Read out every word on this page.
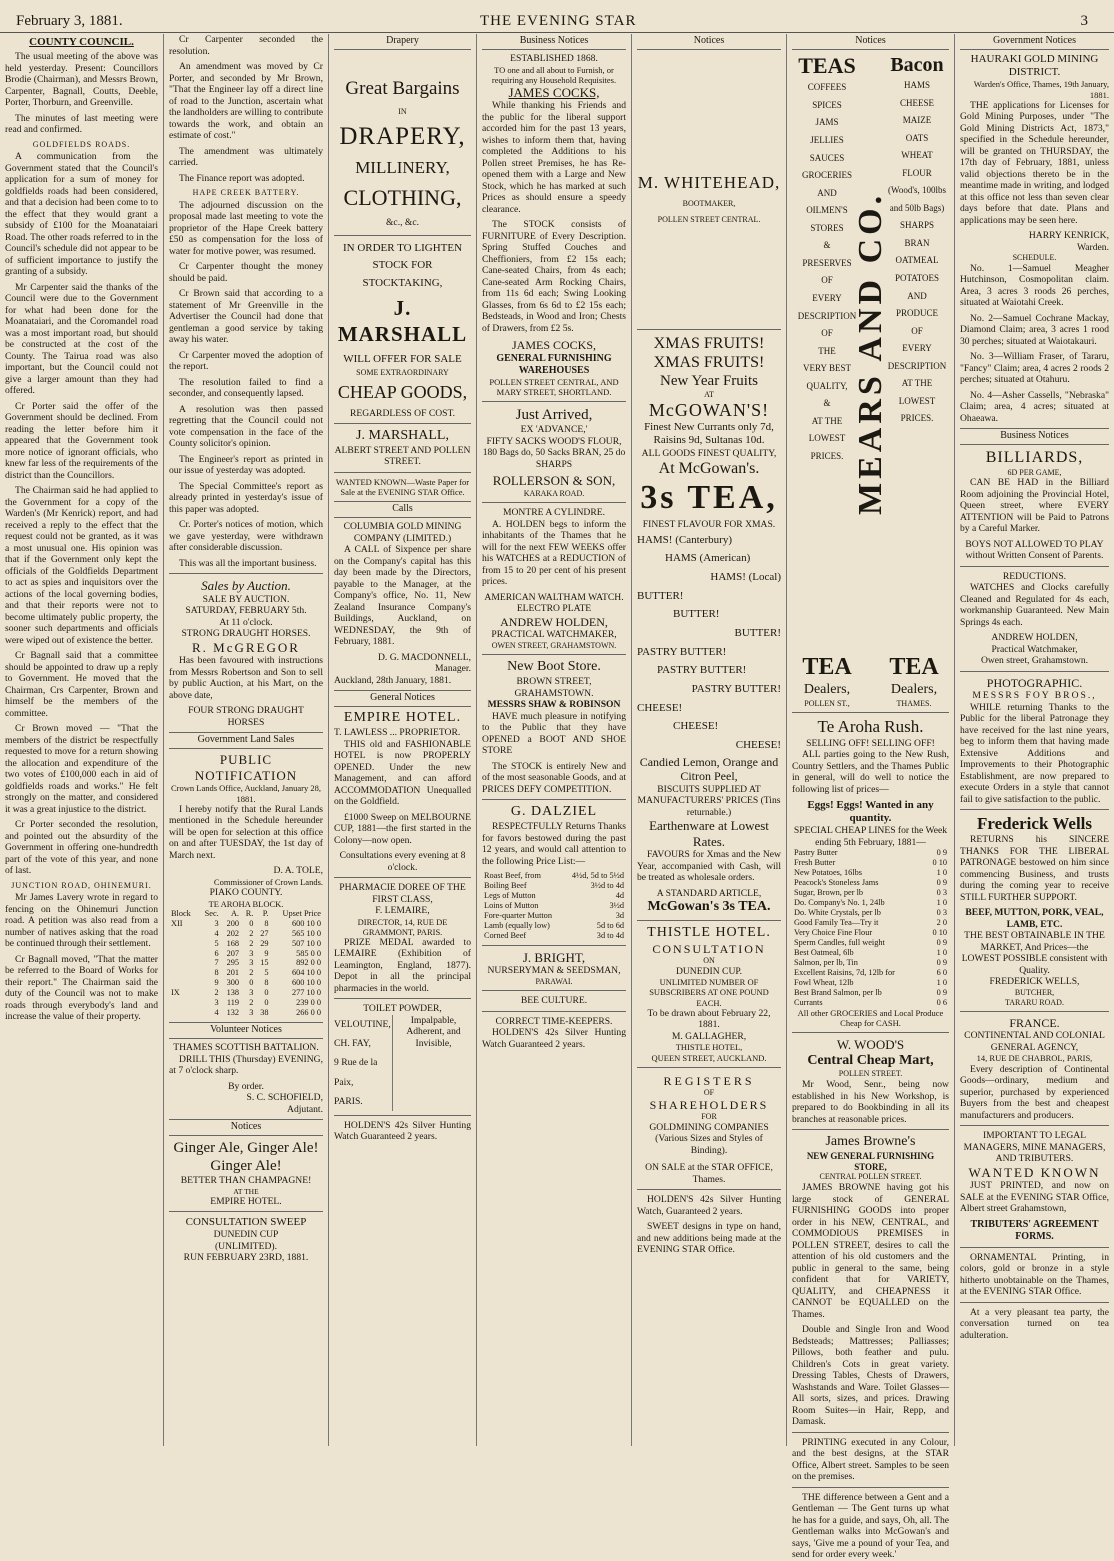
February 3, 1881.	THE EVENING STAR	3
COUNTY COUNCIL.

The usual meeting of the above was held yesterday. Present: Councillors Brodie (Chairman), and Messrs Brown, Carpenter, Bagnall, Coutts, Deeble, Porter, Thorburn, and Greenville.

The minutes of last meeting were read and confirmed.

GOLDFIELDS ROADS.

A communication from the Government stated that the Council's application for a sum of money for goldfields roads had been considered, and that a decision had been come to to the effect that they would grant a subsidy of £100 for the Moanataiari Road. The other roads referred to in the Council's schedule did not appear to be of sufficient importance to justify the granting of a subsidy.

Mr Carpenter said the thanks of the Council were due to the Government for what had been done for the Moanataiari, and the Coromandel road was a most important road, but should be constructed at the cost of the County. The Tairua road was also important, but the Council could not give a larger amount than they had offered.

Cr Porter said the offer of the Government should be declined. From reading the letter before him it appeared that the Government took more notice of ignorant officials, who knew far less of the requirements of the district than the Councillors.

The Chairman said he had applied to the Government for a copy of the Warden's (Mr Kenrick) report, and had received a reply to the effect that the request could not be granted, as it was a most unusual one. His opinion was that if the Government only kept the officials of the Goldfields Department to act as spies and inquisitors over the actions of the local governing bodies, and that their reports were not to become ultimately public property, the sooner such departments and officials were wiped out of existence the better.

Cr Bagnall said that a committee should be appointed to draw up a reply to Government. He moved that the Chairman, Crs Carpenter, Brown and himself be the members of the committee.

Cr Brown moved — "That the members of the district be respectfully requested to move for a return showing the allocation and expenditure of the two votes of £100,000 each in aid of goldfields roads and works." He felt strongly on the matter, and considered it was a great injustice to the district.

Cr Porter seconded the resolution, and pointed out the absurdity of the Government in offering one-hundredth part of the vote of this year, and none of last.

JUNCTION ROAD, OHINEMURI.

Mr James Lavery wrote in regard to fencing on the Ohinemuri Junction road. A petition was also read from a number of natives asking that the road be continued through their settlement.

Cr Bagnall moved, "That the matter be referred to the Board of Works for their report." The Chairman said the duty of the Council was not to make roads through everybody's land and increase the value of their property.

Cr Carpenter seconded the resolution.

An amendment was moved by Cr Porter, and seconded by Mr Brown, "That the Engineer lay off a direct line of road to the Junction, ascertain what the landholders are willing to contribute towards the work, and obtain an estimate of cost."

The amendment was ultimately carried.

The Finance report was adopted.

HAPE CREEK BATTERY.

The adjourned discussion on the proposal made last meeting to vote the proprietor of the Hape Creek battery £50 as compensation for the loss of water for motive power, was resumed.

Cr Carpenter thought the money should be paid.

Cr Brown said that according to a statement of Mr Greenville in the Advertiser the Council had done that gentleman a good service by taking away his water.

Cr Carpenter moved the adoption of the report.

The resolution failed to find a seconder, and consequently lapsed.

A resolution was then passed regretting that the Council could not vote compensation in the face of the County solicitor's opinion.

The Engineer's report as printed in our issue of yesterday was adopted.

The Special Committee's report as already printed in yesterday's issue of this paper was adopted.

Cr. Porter's notices of motion, which we gave yesterday, were withdrawn after considerable discussion.

This was all the important business.

Sales by Auction.
SALE BY AUCTION.
SATURDAY, FEBRUARY 5th.
At 11 o'clock.
STRONG DRAUGHT HORSES.
R. McGREGOR

Has been favoured with instructions from Messrs Robertson and Son to sell by public Auction, at his Mart, on the above date,

FOUR STRONG DRAUGHT HORSES
Government Land Sales
PUBLIC NOTIFICATION
Crown Lands Office, Auckland, January 28, 1881.

I hereby notify that the Rural Lands mentioned in the Schedule hereunder will be open for selection at this office on and after TUESDAY, the 1st day of March next.

D. A. TOLE,
Commissioner of Crown Lands.
PIAKO COUNTY.
TE AROHA BLOCK.
Block	Sec.	A.	R.	P.	Upset Price
XII	3	200	0	8	600 10 0
	4	202	2	27	565 10 0
	5	168	2	29	507 10 0
	6	207	3	9	585 0 0
	7	295	3	15	892 0 0
	8	201	2	5	604 10 0
	9	300	0	8	600 10 0
IX	2	138	3	0	277 10 0
	3	119	2	0	239 0 0
	4	132	3	38	266 0 0
Volunteer Notices
THAMES SCOTTISH BATTALION.

DRILL THIS (Thursday) EVENING, at 7 o'clock sharp.

By order.
S. C. SCHOFIELD,
Adjutant.
Notices
Ginger Ale, Ginger Ale! Ginger Ale!
BETTER THAN CHAMPAGNE!
AT THE
EMPIRE HOTEL.
CONSULTATION SWEEP
DUNEDIN CUP
(UNLIMITED).
RUN FEBRUARY 23RD, 1881.
Drapery
Great Bargains
IN
DRAPERY,
MILLINERY,
CLOTHING,
&c., &c.
IN ORDER TO LIGHTEN STOCK FOR STOCKTAKING,
J. MARSHALL
WILL OFFER FOR SALE
SOME EXTRAORDINARY
CHEAP GOODS,
REGARDLESS OF COST.
J. MARSHALL,
ALBERT STREET AND POLLEN STREET.
WANTED KNOWN—Waste Paper for Sale at the EVENING STAR Office.
Calls
COLUMBIA GOLD MINING COMPANY (LIMITED.)

A CALL of Sixpence per share on the Company's capital has this day been made by the Directors, payable to the Manager, at the Company's office, No. 11, New Zealand Insurance Company's Buildings, Auckland, on WEDNESDAY, the 9th of February, 1881.

D. G. MACDONNELL,
Manager.
Auckland, 28th January, 1881.
General Notices
EMPIRE HOTEL.
T. LAWLESS ... PROPRIETOR.

THIS old and FASHIONABLE HOTEL is now PROPERLY OPENED. Under the new Management, and can afford ACCOMMODATION Unequalled on the Goldfield.

£1000 Sweep on MELBOURNE CUP, 1881—the first started in the Colony—now open.

Consultations every evening at 8 o'clock.
PHARMACIE DOREE OF THE FIRST CLASS,
F. LEMAIRE,
DIRECTOR, 14, RUE DE GRAMMONT, PARIS.

PRIZE MEDAL awarded to LEMAIRE (Exhibition of Leamington, England, 1877). Depot in all the principal pharmacies in the world.

TOILET POWDER,
VELOUTINE,
CH. FAY,
9 Rue de la
Paix,
PARIS.
Impalpable, Adherent, and Invisible,

HOLDEN'S 42s Silver Hunting Watch Guaranteed 2 years.

Business Notices
ESTABLISHED 1868.
TO one and all about to Furnish, or requiring any Household Requisites.
JAMES COCKS,

While thanking his Friends and the public for the liberal support accorded him for the past 13 years, wishes to inform them that, having completed the Additions to his Pollen street Premises, he has Re-opened them with a Large and New Stock, which he has marked at such Prices as should ensure a speedy clearance.

The STOCK consists of FURNITURE of Every Description. Spring Stuffed Couches and Cheffioniers, from £2 15s each; Cane-seated Chairs, from 4s each; Cane-seated Arm Rocking Chairs, from 11s 6d each; Swing Looking Glasses, from 6s 6d to £2 15s each; Bedsteads, in Wood and Iron; Chests of Drawers, from £2 5s.

JAMES COCKS,
GENERAL FURNISHING WAREHOUSES
POLLEN STREET CENTRAL, AND MARY STREET, SHORTLAND.
Just Arrived,
EX 'ADVANCE,'
FIFTY SACKS WOOD'S FLOUR, 180 Bags do, 50 Sacks BRAN, 25 do SHARPS
ROLLERSON & SON,
KARAKA ROAD.
MONTRE A CYLINDRE.

A. HOLDEN begs to inform the inhabitants of the Thames that he will for the next FEW WEEKS offer his WATCHES at a REDUCTION of from 15 to 20 per cent of his present prices.

AMERICAN WALTHAM WATCH.
ELECTRO PLATE
ANDREW HOLDEN,
PRACTICAL WATCHMAKER,
OWEN STREET, GRAHAMSTOWN.
New Boot Store.
BROWN STREET, GRAHAMSTOWN.
MESSRS SHAW & ROBINSON

HAVE much pleasure in notifying to the Public that they have OPENED a BOOT AND SHOE STORE

The STOCK is entirely New and of the most seasonable Goods, and at PRICES DEFY COMPETITION.

G. DALZIEL

RESPECTFULLY Returns Thanks for favors bestowed during the past 12 years, and would call attention to the following Price List:—

Roast Beef, from	4½d, 5d to 5½d
Boiling Beef	3½d to 4d
Legs of Mutton	4d
Loins of Mutton	3½d
Fore-quarter Mutton	3d
Lamb (equally low)	5d to 6d
Corned Beef	3d to 4d
J. BRIGHT,
NURSERYMAN & SEEDSMAN,
PARAWAI.
BEE CULTURE.
CORRECT TIME-KEEPERS.

HOLDEN'S 42s Silver Hunting Watch Guaranteed 2 years.

Notices
M. WHITEHEAD,
BOOTMAKER,
POLLEN STREET CENTRAL.
XMAS FRUITS!
XMAS FRUITS!
New Year Fruits
AT
McGOWAN'S!
Finest New Currants only 7d, Raisins 9d, Sultanas 10d.
ALL GOODS FINEST QUALITY,
At McGowan's.
3s TEA,
FINEST FLAVOUR FOR XMAS.
HAMS! (Canterbury)
HAMS (American)
HAMS! (Local)
BUTTER!
BUTTER!
BUTTER!
PASTRY BUTTER!
PASTRY BUTTER!
PASTRY BUTTER!
CHEESE!
CHEESE!
CHEESE!
Candied Lemon, Orange and Citron Peel,
BISCUITS SUPPLIED AT MANUFACTURERS' PRICES (Tins returnable.)
Earthenware at Lowest Rates.

FAVOURS for Xmas and the New Year, accompanied with Cash, will be treated as wholesale orders.

A STANDARD ARTICLE,
McGowan's 3s TEA.
THISTLE HOTEL.
CONSULTATION
ON
DUNEDIN CUP.
UNLIMITED NUMBER OF SUBSCRIBERS AT ONE POUND EACH.
To be drawn about February 22, 1881.
M. GALLAGHER,
THISTLE HOTEL,
QUEEN STREET, AUCKLAND.
REGISTERS
OF
SHAREHOLDERS
FOR
GOLDMINING COMPANIES
(Various Sizes and Styles of Binding).
ON SALE at the STAR OFFICE, Thames.

HOLDEN'S 42s Silver Hunting Watch, Guaranteed 2 years.

SWEET designs in type on hand, and new additions being made at the EVENING STAR Office.

Notices
TEAS
COFFEES
SPICES
JAMS
JELLIES
SAUCES
GROCERIES
AND
OILMEN'S
STORES
&
PRESERVES
OF
EVERY
DESCRIPTION
OF
THE
VERY BEST
QUALITY,
&
AT THE
LOWEST
PRICES. MEARS AND CO.
Bacon
HAMS
CHEESE
MAIZE
OATS
WHEAT
FLOUR
(Wood's, 100lbs
and 50lb Bags)
SHARPS
BRAN
OATMEAL
POTATOES
AND
PRODUCE
OF
EVERY
DESCRIPTION
AT THE
LOWEST
PRICES.
TEA
Dealers,
POLLEN ST.,
TEA
Dealers,
THAMES.
Te Aroha Rush.
SELLING OFF! SELLING OFF!

ALL parties going to the New Rush, Country Settlers, and the Thames Public in general, will do well to notice the following list of prices—

Eggs! Eggs! Wanted in any quantity.
SPECIAL CHEAP LINES for the Week ending 5th February, 1881—
Pastry Butter	0 9
Fresh Butter	0 10
New Potatoes, 16lbs	1 0
Peacock's Stoneless Jams	0 9
Sugar, Brown, per lb	0 3
Do. Company's No. 1, 24lb	1 0
Do. White Crystals, per lb	0 3
Good Family Tea—Try it	2 0
Very Choice Fine Flour	0 10
Sperm Candles, full weight	0 9
Best Oatmeal, 6lb	1 0
Salmon, per lb, Tin	0 9
Excellent Raisins, 7d, 12lb for	6 0
Fowl Wheat, 12lb	1 0
Best Brand Salmon, per lb	0 9
Currants	0 6
All other GROCERIES and Local Produce Cheap for CASH.
W. WOOD'S
Central Cheap Mart,
POLLEN STREET.

Mr Wood, Senr., being now established in his New Workshop, is prepared to do Bookbinding in all its branches at reasonable prices.

James Browne's
NEW GENERAL FURNISHING STORE,
CENTRAL POLLEN STREET.

JAMES BROWNE having got his large stock of GENERAL FURNISHING GOODS into proper order in his NEW, CENTRAL, and COMMODIOUS PREMISES in POLLEN STREET, desires to call the attention of his old customers and the public in general to the same, being confident that for VARIETY, QUALITY, and CHEAPNESS it CANNOT be EQUALLED on the Thames.

Double and Single Iron and Wood Bedsteads; Mattresses; Palliasses; Pillows, both feather and pulu. Children's Cots in great variety. Dressing Tables, Chests of Drawers, Washstands and Ware. Toilet Glasses—All sorts, sizes, and prices. Drawing Room Suites—in Hair, Repp, and Damask.

PRINTING executed in any Colour, and the best designs, at the STAR Office, Albert street. Samples to be seen on the premises.

THE difference between a Gent and a Gentleman — The Gent turns up what he has for a guide, and says, Oh, all. The Gentleman walks into McGowan's and says, 'Give me a pound of your Tea, and send for order every week.'

Government Notices
HAURAKI GOLD MINING DISTRICT.
Warden's Office, Thames, 19th January, 1881.

THE applications for Licenses for Gold Mining Purposes, under "The Gold Mining Districts Act, 1873," specified in the Schedule hereunder, will be granted on THURSDAY, the 17th day of February, 1881, unless valid objections thereto be in the meantime made in writing, and lodged at this office not less than seven clear days before that date. Plans and applications may be seen here.

HARRY KENRICK,
Warden.
SCHEDULE.

No. 1—Samuel Meagher Hutchinson, Cosmopolitan claim. Area, 3 acres 3 roods 26 perches, situated at Waiotahi Creek.

No. 2—Samuel Cochrane Mackay, Diamond Claim; area, 3 acres 1 rood 30 perches; situated at Waiotakauri.

No. 3—William Fraser, of Tararu, "Fancy" Claim; area, 4 acres 2 roods 2 perches; situated at Otahuru.

No. 4—Asher Cassells, "Nebraska" Claim; area, 4 acres; situated at Ohaeawa.

Business Notices
BILLIARDS,
6D PER GAME,

CAN BE HAD in the Billiard Room adjoining the Provincial Hotel, Queen street, where EVERY ATTENTION will be Paid to Patrons by a Careful Marker.

BOYS NOT ALLOWED TO PLAY without Written Consent of Parents.
REDUCTIONS.

WATCHES and Clocks carefully Cleaned and Regulated for 4s each, workmanship Guaranteed. New Main Springs 4s each.

ANDREW HOLDEN,
Practical Watchmaker,
Owen street, Grahamstown.
PHOTOGRAPHIC.
MESSRS FOY BROS.,

WHILE returning Thanks to the Public for the liberal Patronage they have received for the last nine years, beg to inform them that having made Extensive Additions and Improvements to their Photographic Establishment, are now prepared to execute Orders in a style that cannot fail to give satisfaction to the public.

Frederick Wells

RETURNS his SINCERE THANKS FOR THE LIBERAL PATRONAGE bestowed on him since commencing Business, and trusts during the coming year to receive STILL FURTHER SUPPORT.

BEEF, MUTTON, PORK, VEAL, LAMB, ETC.
THE BEST OBTAINABLE IN THE MARKET, And Prices—the LOWEST POSSIBLE consistent with Quality.
FREDERICK WELLS,
BUTCHER,
TARARU ROAD.
FRANCE.
CONTINENTAL AND COLONIAL GENERAL AGENCY,
14, RUE DE CHABROL, PARIS,

Every description of Continental Goods—ordinary, medium and superior, purchased by experienced Buyers from the best and cheapest manufacturers and producers.

IMPORTANT TO LEGAL MANAGERS, MINE MANAGERS, AND TRIBUTERS.
WANTED KNOWN

JUST PRINTED, and now on SALE at the EVENING STAR Office, Albert street Grahamstown,

TRIBUTERS' AGREEMENT FORMS.

ORNAMENTAL Printing, in colors, gold or bronze in a style hitherto unobtainable on the Thames, at the EVENING STAR Office.

At a very pleasant tea party, the conversation turned on tea adulteration.
